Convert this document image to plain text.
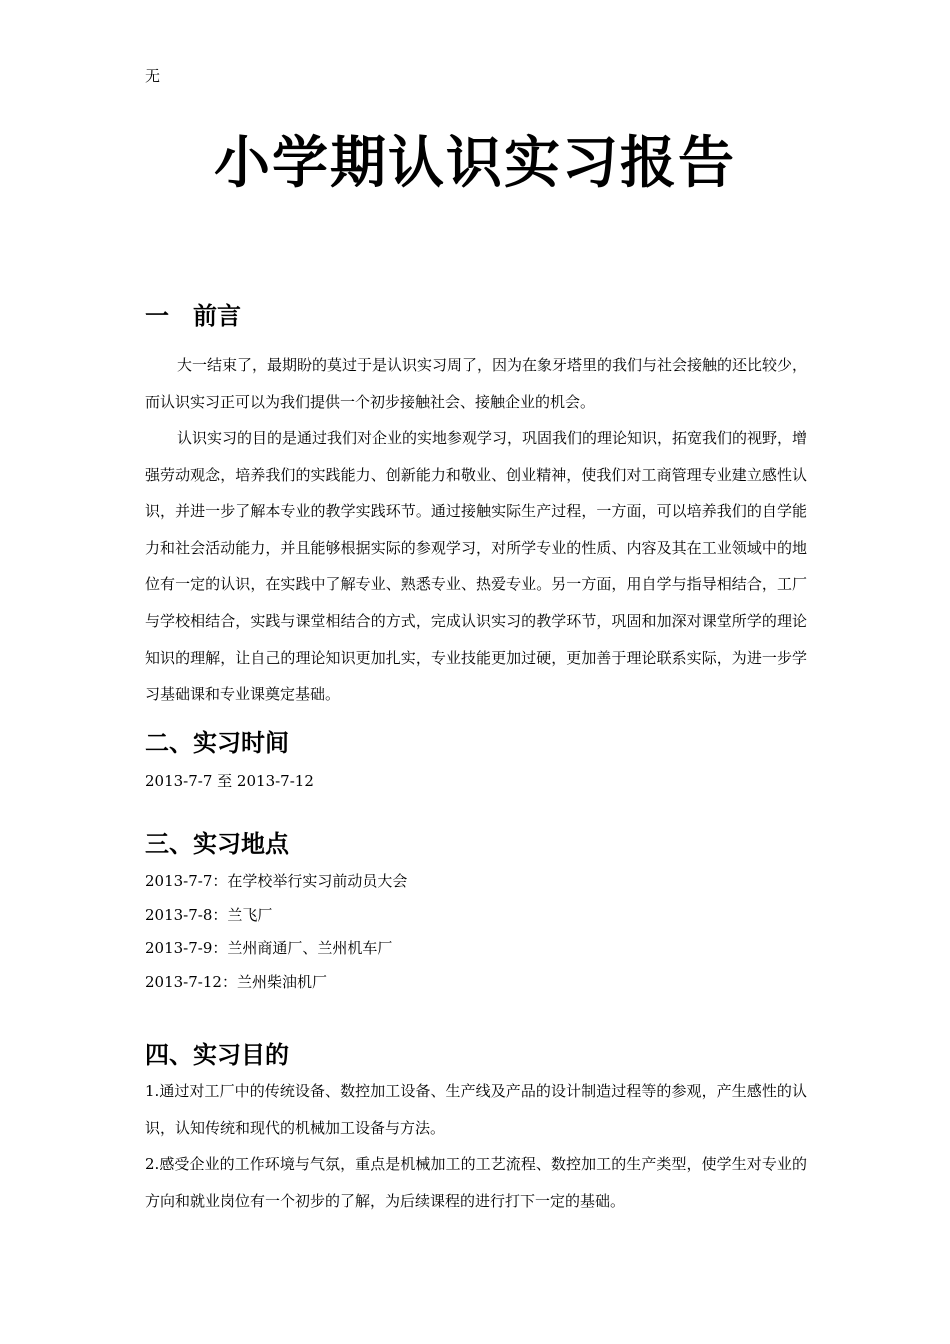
无
小学期认识实习报告
一　前言

大一结束了，最期盼的莫过于是认识实习周了，因为在象牙塔里的我们与社会接触的还比较少，而认识实习正可以为我们提供一个初步接触社会、接触企业的机会。

认识实习的目的是通过我们对企业的实地参观学习，巩固我们的理论知识，拓宽我们的视野，增强劳动观念，培养我们的实践能力、创新能力和敬业、创业精神，使我们对工商管理专业建立感性认识，并进一步了解本专业的教学实践环节。通过接触实际生产过程，一方面，可以培养我们的自学能力和社会活动能力，并且能够根据实际的参观学习，对所学专业的性质、内容及其在工业领域中的地位有一定的认识，在实践中了解专业、熟悉专业、热爱专业。另一方面，用自学与指导相结合，工厂与学校相结合，实践与课堂相结合的方式，完成认识实习的教学环节，巩固和加深对课堂所学的理论知识的理解，让自己的理论知识更加扎实，专业技能更加过硬，更加善于理论联系实际，为进一步学习基础课和专业课奠定基础。

二、实习时间
2013-7-7 至 2013-7-12
三、实习地点
2013-7-7：在学校举行实习前动员大会
2013-7-8：兰飞厂
2013-7-9：兰州商通厂、兰州机车厂
2013-7-12：兰州柴油机厂
四、实习目的

1.通过对工厂中的传统设备、数控加工设备、生产线及产品的设计制造过程等的参观，产生感性的认识，认知传统和现代的机械加工设备与方法。

2.感受企业的工作环境与气氛，重点是机械加工的工艺流程、数控加工的生产类型，使学生对专业的方向和就业岗位有一个初步的了解，为后续课程的进行打下一定的基础。
